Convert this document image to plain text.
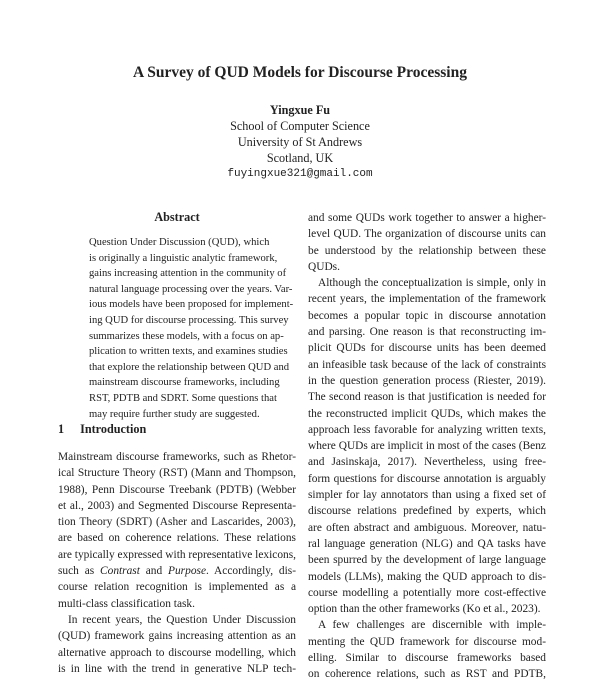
A Survey of QUD Models for Discourse Processing
Yingxue Fu
School of Computer Science
University of St Andrews
Scotland, UK
fuyingxue321@gmail.com
Abstract
Question Under Discussion (QUD), which
is originally a linguistic analytic framework,
gains increasing attention in the community of
natural language processing over the years. Var-
ious models have been proposed for implement-
ing QUD for discourse processing. This survey
summarizes these models, with a focus on ap-
plication to written texts, and examines studies
that explore the relationship between QUD and
mainstream discourse frameworks, including
RST, PDTB and SDRT. Some questions that
may require further study are suggested.
1 Introduction
Mainstream discourse frameworks, such as Rhetor-
ical Structure Theory (RST) (Mann and Thompson,
1988), Penn Discourse Treebank (PDTB) (Webber
et al., 2003) and Segmented Discourse Representa-
tion Theory (SDRT) (Asher and Lascarides, 2003),
are based on coherence relations. These relations
are typically expressed with representative lexicons,
such as Contrast and Purpose. Accordingly, dis-
course relation recognition is implemented as a
multi-class classification task.
In recent years, the Question Under Discussion
(QUD) framework gains increasing attention as an
alternative approach to discourse modelling, which
is in line with the trend in generative NLP tech-
and some QUDs work together to answer a higher-
level QUD. The organization of discourse units can
be understood by the relationship between these
QUDs.
Although the conceptualization is simple, only in
recent years, the implementation of the framework
becomes a popular topic in discourse annotation
and parsing. One reason is that reconstructing im-
plicit QUDs for discourse units has been deemed
an infeasible task because of the lack of constraints
in the question generation process (Riester, 2019).
The second reason is that justification is needed for
the reconstructed implicit QUDs, which makes the
approach less favorable for analyzing written texts,
where QUDs are implicit in most of the cases (Benz
and Jasinskaja, 2017). Nevertheless, using free-
form questions for discourse annotation is arguably
simpler for lay annotators than using a fixed set of
discourse relations predefined by experts, which
are often abstract and ambiguous. Moreover, natu-
ral language generation (NLG) and QA tasks have
been spurred by the development of large language
models (LLMs), making the QUD approach to dis-
course modelling a potentially more cost-effective
option than the other frameworks (Ko et al., 2023).
A few challenges are discernible with imple-
menting the QUD framework for discourse mod-
elling. Similar to discourse frameworks based
on coherence relations, such as RST and PDTB,
